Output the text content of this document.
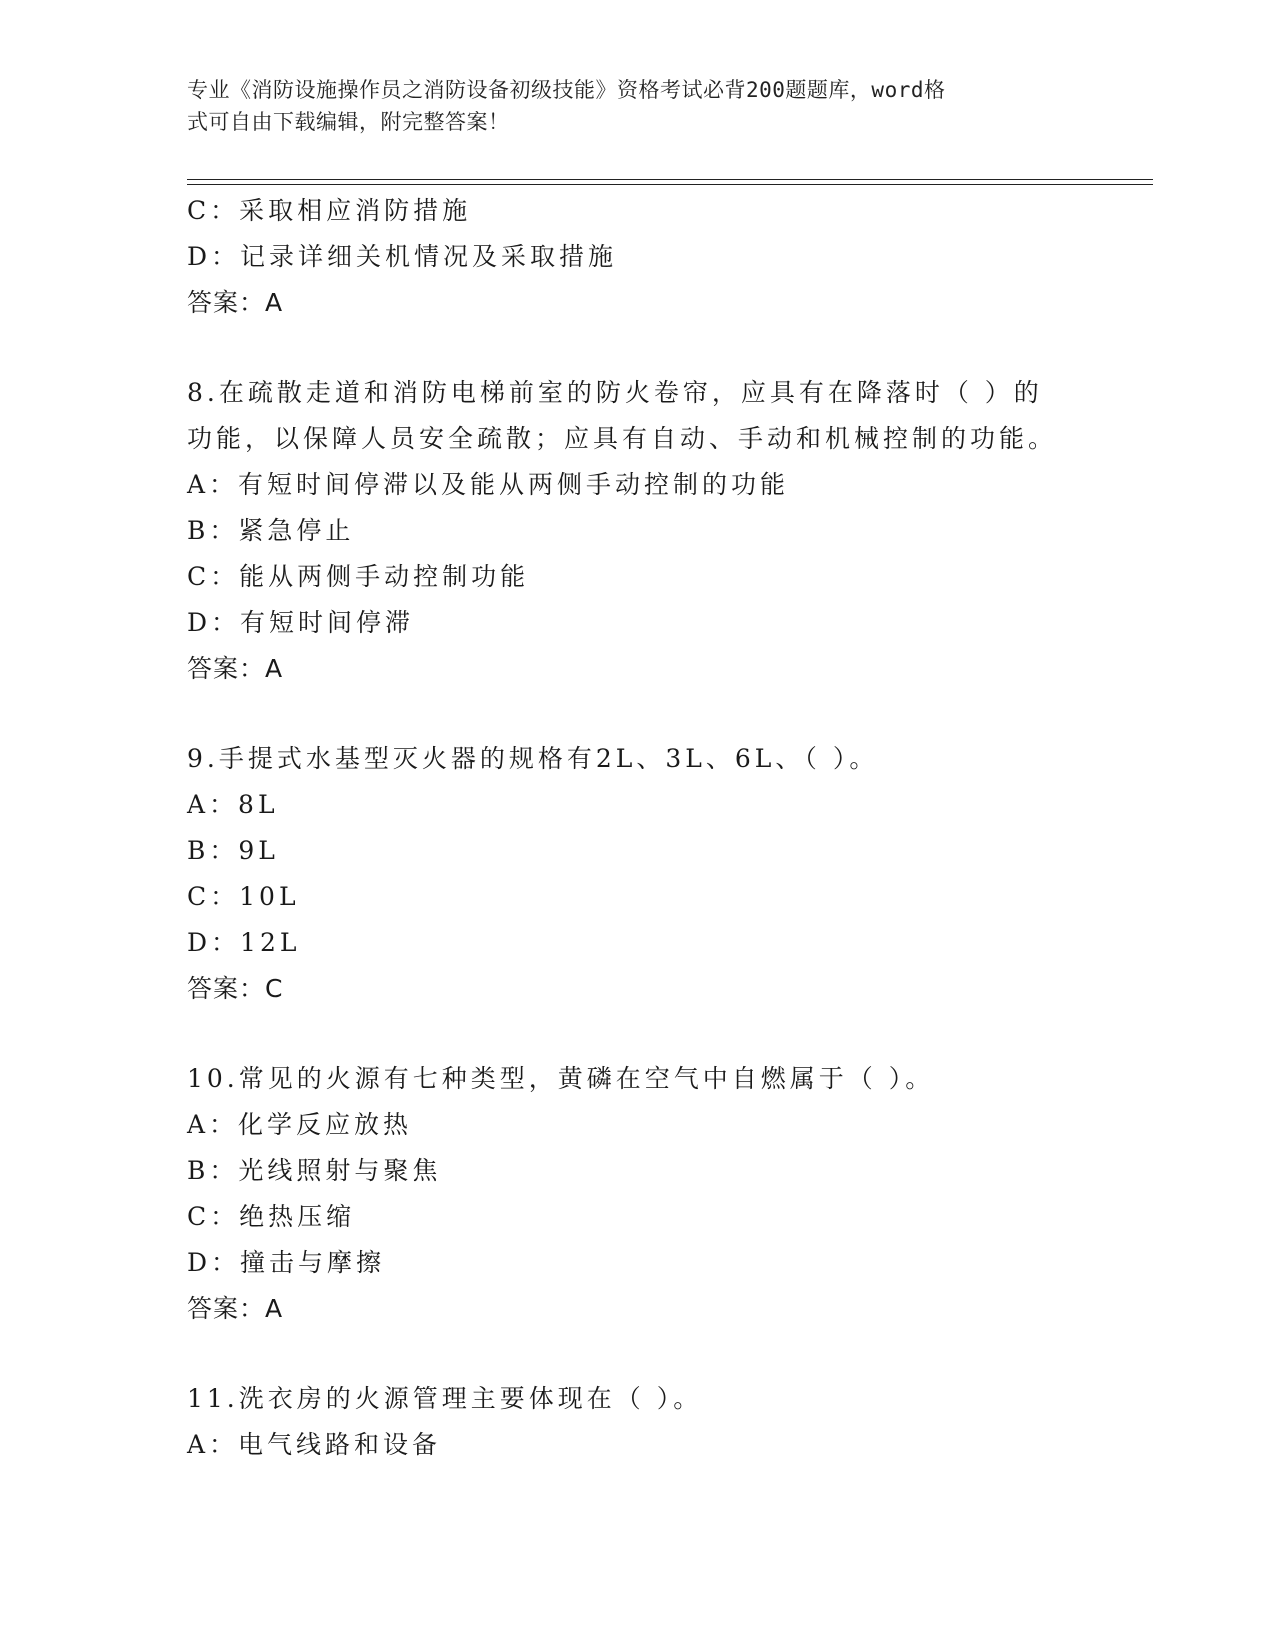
专业《消防设施操作员之消防设备初级技能》资格考试必背200题题库，word格
式可自由下载编辑，附完整答案！
C：采取相应消防措施
D：记录详细关机情况及采取措施
答案：A
8.在疏散走道和消防电梯前室的防火卷帘，应具有在降落时（ ）的
功能，以保障人员安全疏散；应具有自动、手动和机械控制的功能。
A：有短时间停滞以及能从两侧手动控制的功能
B：紧急停止
C：能从两侧手动控制功能
D：有短时间停滞
答案：A
9.手提式水基型灭火器的规格有2L、3L、6L、（ ）。
A：8L
B：9L
C：10L
D：12L
答案：C
10.常见的火源有七种类型，黄磷在空气中自燃属于（ ）。
A：化学反应放热
B：光线照射与聚焦
C：绝热压缩
D：撞击与摩擦
答案：A
11.洗衣房的火源管理主要体现在（ ）。
A：电气线路和设备
